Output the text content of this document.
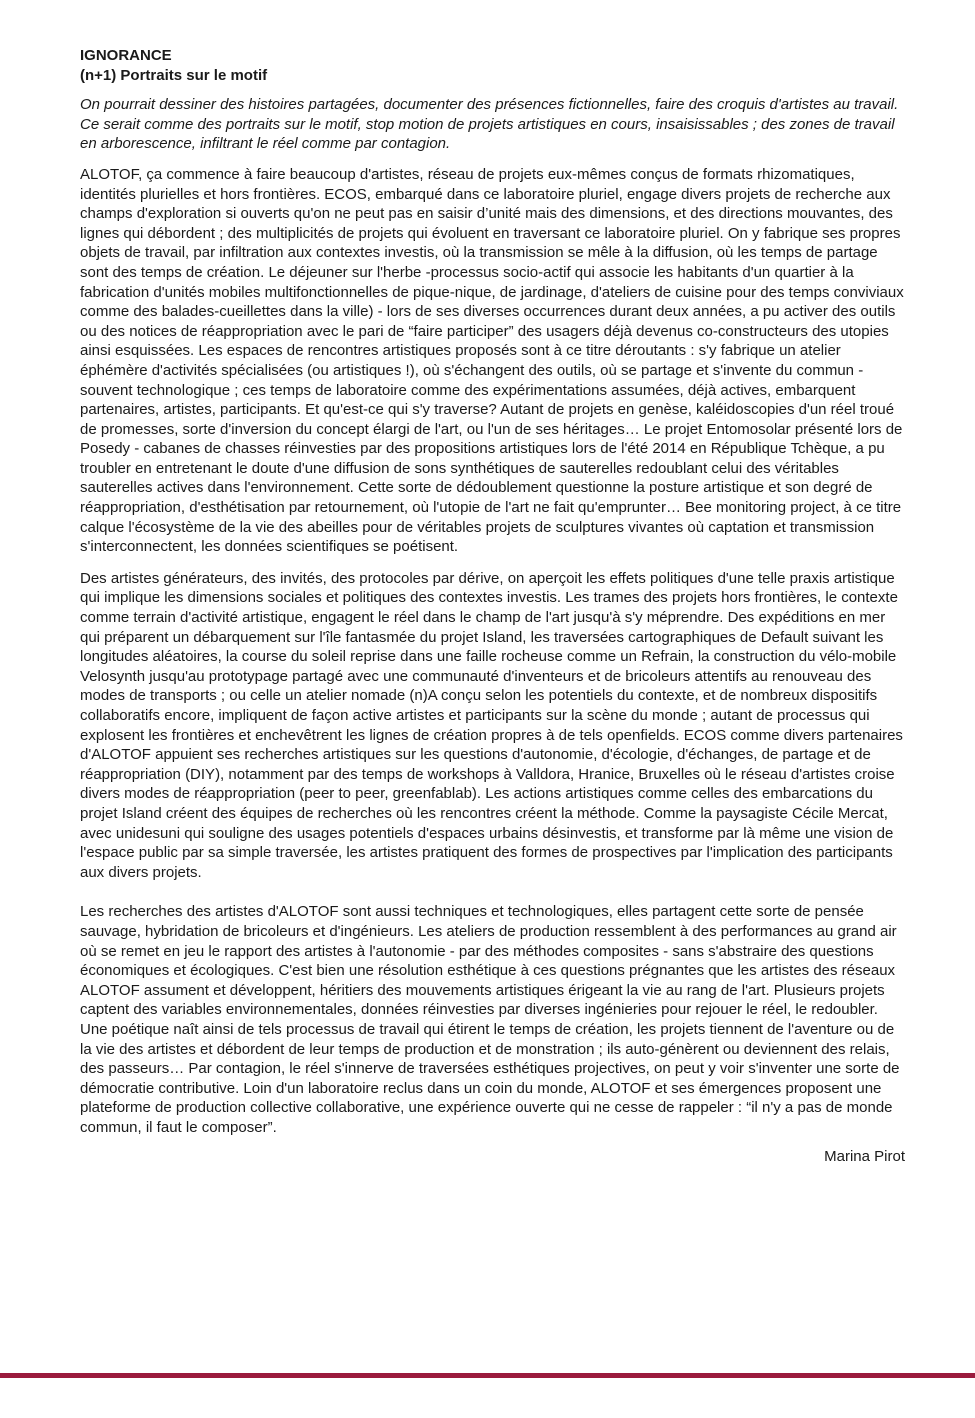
IGNORANCE
(n+1) Portraits sur le motif

On pourrait dessiner des histoires partagées, documenter des présences fictionnelles, faire des croquis d'artistes au travail. Ce serait comme des portraits sur le motif, stop motion de projets artistiques en cours, insaisissables ; des zones de travail en arborescence, infiltrant le réel comme par contagion.

ALOTOF, ça commence à faire beaucoup d'artistes, réseau de projets eux-mêmes conçus de formats rhizomatiques, identités plurielles et hors frontières. ECOS, embarqué dans ce laboratoire pluriel, engage divers projets de recherche aux champs d'exploration si ouverts qu'on ne peut pas en saisir d’unité mais des dimensions, et des directions mouvantes, des lignes qui débordent ; des multiplicités de projets qui évoluent en traversant ce laboratoire pluriel. On y fabrique ses propres objets de travail, par infiltration aux contextes investis, où la transmission se mêle à la diffusion, où les temps de partage sont des temps de création. Le déjeuner sur l'herbe -processus socio-actif qui associe les habitants d'un quartier à la fabrication d'unités mobiles multifonctionnelles de pique-nique, de jardinage, d'ateliers de cuisine pour des temps conviviaux comme des balades-cueillettes dans la ville) - lors de ses diverses occurrences durant deux années, a pu activer des outils ou des notices de réappropriation avec le pari de “faire participer” des usagers déjà devenus co-constructeurs des utopies ainsi esquissées. Les espaces de rencontres artistiques proposés sont à ce titre déroutants : s'y fabrique un atelier éphémère d'activités spécialisées (ou artistiques !), où s'échangent des outils, où se partage et s'invente du commun - souvent technologique ; ces temps de laboratoire comme des expérimentations assumées, déjà actives, embarquent partenaires, artistes, participants. Et qu'est-ce qui s'y traverse? Autant de projets en genèse, kaléidoscopies d'un réel troué de promesses, sorte d'inversion du concept élargi de l'art, ou l'un de ses héritages… Le projet Entomosolar présenté lors de Posedy - cabanes de chasses réinvesties par des propositions artistiques lors de l'été 2014 en République Tchèque, a pu troubler en entretenant le doute d'une diffusion de sons synthétiques de sauterelles redoublant celui des véritables sauterelles actives dans l'environnement. Cette sorte de dédoublement questionne la posture artistique et son degré de réappropriation, d'esthétisation par retournement, où l'utopie de l'art ne fait qu'emprunter… Bee monitoring project, à ce titre calque l'écosystème de la vie des abeilles pour de véritables projets de sculptures vivantes où captation et transmission s'interconnectent, les données scientifiques se poétisent.

Des artistes générateurs, des invités, des protocoles par dérive, on aperçoit les effets politiques d'une telle praxis artistique qui implique les dimensions sociales et politiques des contextes investis. Les trames des projets hors frontières, le contexte comme terrain d'activité artistique, engagent le réel dans le champ de l'art jusqu'à s'y méprendre. Des expéditions en mer qui préparent un débarquement sur l'île fantasmée du projet Island, les traversées cartographiques de Default suivant les longitudes aléatoires, la course du soleil reprise dans une faille rocheuse comme un Refrain, la construction du vélo-mobile Velosynth jusqu'au prototypage partagé avec une communauté d'inventeurs et de bricoleurs attentifs au renouveau des modes de transports ; ou celle un atelier nomade (n)A conçu selon les potentiels du contexte, et de nombreux dispositifs collaboratifs encore, impliquent de façon active artistes et participants sur la scène du monde ; autant de processus qui explosent les frontières et enchevêtrent les lignes de création propres à de tels openfields. ECOS comme divers partenaires d'ALOTOF appuient ses recherches artistiques sur les questions d'autonomie, d'écologie, d'échanges, de partage et de réappropriation (DIY), notamment par des temps de workshops à Valldora, Hranice, Bruxelles où le réseau d'artistes croise divers modes de réappropriation (peer to peer, greenfablab). Les actions artistiques comme celles des embarcations du projet Island créent des équipes de recherches où les rencontres créent la méthode. Comme la paysagiste Cécile Mercat, avec unidesuni qui souligne des usages potentiels d'espaces urbains désinvestis, et transforme par là même une vision de l'espace public par sa simple traversée, les artistes pratiquent des formes de prospectives par l'implication des participants aux divers projets.

Les recherches des artistes d'ALOTOF sont aussi techniques et technologiques, elles partagent cette sorte de pensée sauvage, hybridation de bricoleurs et d'ingénieurs. Les ateliers de production ressemblent à des performances au grand air où se remet en jeu le rapport des artistes à l'autonomie - par des méthodes composites - sans s'abstraire des questions économiques et écologiques. C'est bien une résolution esthétique à ces questions prégnantes que les artistes des réseaux ALOTOF assument et développent, héritiers des mouvements artistiques érigeant la vie au rang de l'art. Plusieurs projets captent des variables environnementales, données réinvesties par diverses ingénieries pour rejouer le réel, le redoubler. Une poétique naît ainsi de tels processus de travail qui étirent le temps de création, les projets tiennent de l'aventure ou de la vie des artistes et débordent de leur temps de production et de monstration ; ils auto-génèrent ou deviennent des relais, des passeurs… Par contagion, le réel s'innerve de traversées esthétiques projectives, on peut y voir s'inventer une sorte de démocratie contributive. Loin d'un laboratoire reclus dans un coin du monde, ALOTOF et ses émergences proposent une plateforme de production collective collaborative, une expérience ouverte qui ne cesse de rappeler : “il n'y a pas de monde commun, il faut le composer”.

Marina Pirot
